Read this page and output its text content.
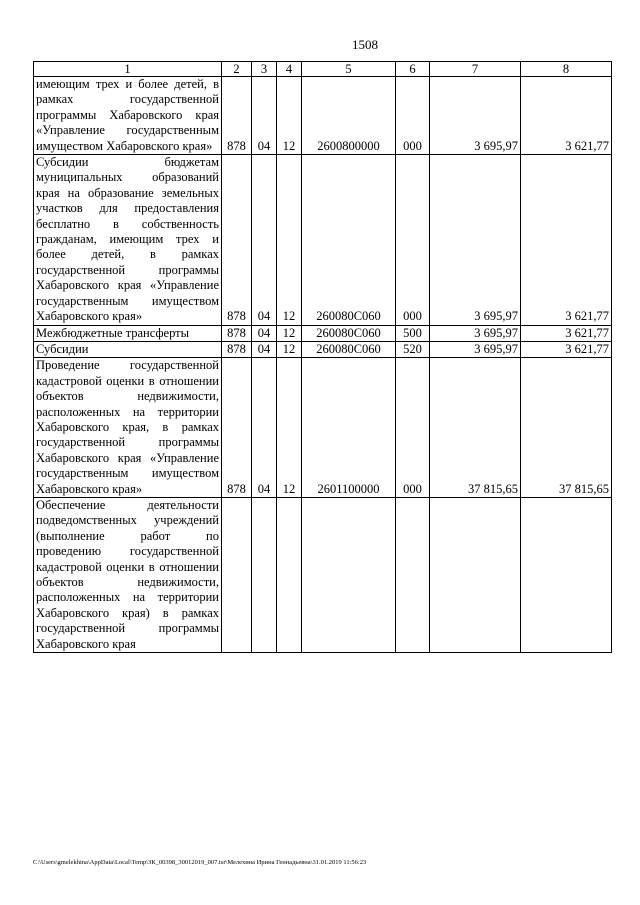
1508
1	2	3	4	5	6	7	8
имеющим трех и более детей, в рамках государственной программы Хабаровского края «Управление государственным имуществом Хабаровского края»	878	04	12	2600800000	000	3 695,97	3 621,77
Субсидии бюджетам муниципальных образований края на образование земельных участков для предоставления бесплатно в собственность гражданам, имеющим трех и более детей, в рамках государственной программы Хабаровского края «Управление государственным имуществом Хабаровского края»	878	04	12	260080С060	000	3 695,97	3 621,77
Межбюджетные трансферты	878	04	12	260080С060	500	3 695,97	3 621,77
Субсидии	878	04	12	260080С060	520	3 695,97	3 621,77
Проведение государственной кадастровой оценки в отношении объектов недвижимости, расположенных на территории Хабаровского края, в рамках государственной программы Хабаровского края «Управление государственным имуществом Хабаровского края»	878	04	12	2601100000	000	37 815,65	37 815,65
Обеспечение деятельности подведомственных учреждений (выполнение работ по проведению государственной кадастровой оценки в отношении объектов недвижимости, расположенных на территории Хабаровского края) в рамках государственной программы Хабаровского края							
C:\Users\gmelekhina\AppData\Local\Temp\ЗК_00398_30012019_007.tsr\Мелехина Ирина Геннадьевна\31.01.2019 11:56:23
